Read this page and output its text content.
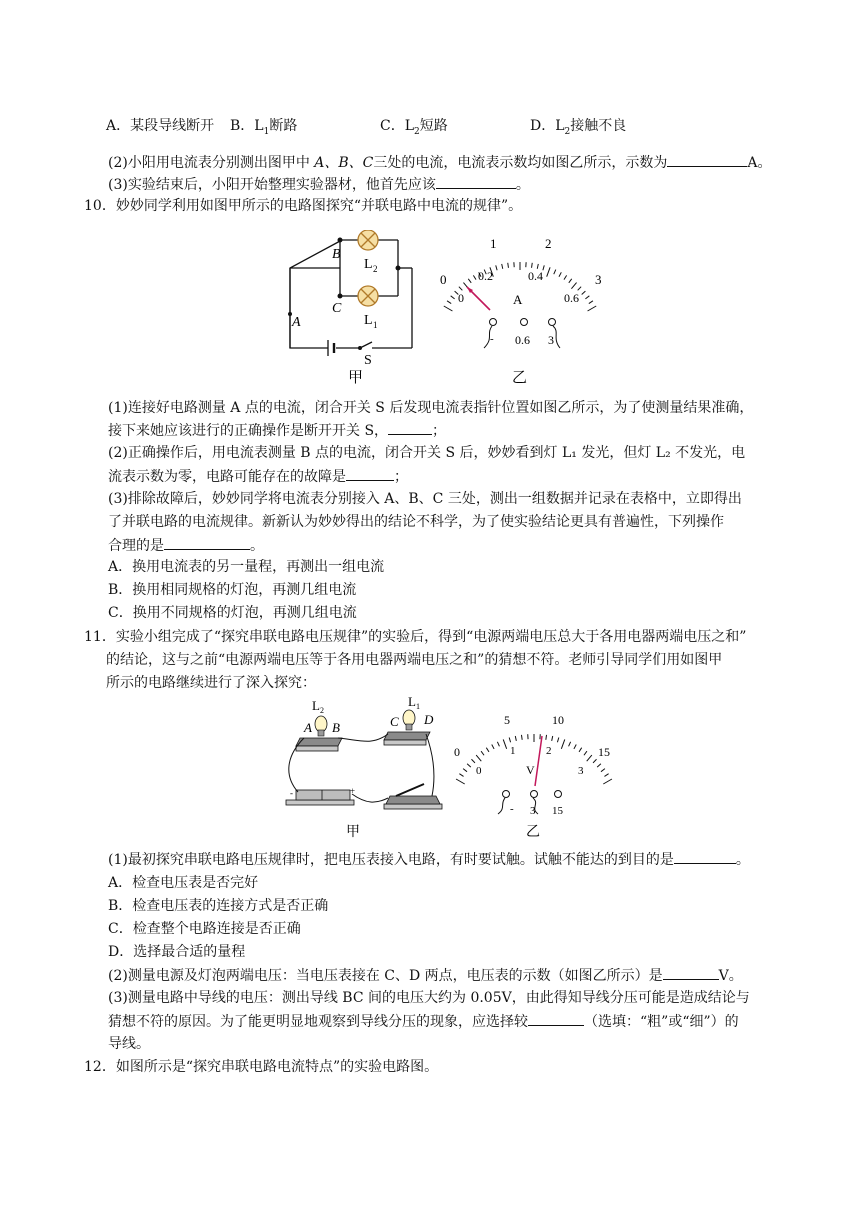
A．某段导线断开 B．$L_1$断路	C．$L_2$短路	D．$L_2$接触不良
(2)小阳用电流表分别测出图甲中 A、B、C三处的电流，电流表示数均如图乙所示，示数为	A。
(3)实验结束后，小阳开始整理实验器材，他首先应该	。
10．妙妙同学利用如图甲所示的电路图探究“并联电路中电流的规律”。
B
C
A
L 2
L 1
S
甲
0
1	2
3
0
0.2	0.4
0.6
A
- 0.6 3
乙
(1)连接好电路测量 A 点的电流，闭合开关 S 后发现电流表指针位置如图乙所示，为了使测量结果准确，
接下来她应该进行的正确操作是断开开关 S，	；
(2)正确操作后，用电流表测量 B 点的电流，闭合开关 S 后，妙妙看到灯 L₁ 发光，但灯 L₂ 不发光，电
流表示数为零，电路可能存在的故障是	；
(3)排除故障后，妙妙同学将电流表分别接入 A、B、C 三处，测出一组数据并记录在表格中，立即得出
了并联电路的电流规律。新新认为妙妙得出的结论不科学，为了使实验结论更具有普遍性，下列操作
合理的是	。
A．换用电流表的另一量程，再测出一组电流
B．换用相同规格的灯泡，再测几组电流
C．换用不同规格的灯泡，再测几组电流
11．实验小组完成了“探究串联电路电压规律”的实验后，得到“电源两端电压总大于各用电器两端电压之和”
的结论，这与之前“电源两端电压等于各用电器两端电压之和”的猜想不符。老师引导同学们用如图甲
所示的电路继续进行了深入探究：
-	+
L 2
L 1
A B	C D
甲
0
5	10
15
0
1	2
3
V
- 3 15
乙
(1)最初探究串联电路电压规律时，把电压表接入电路，有时要试触。试触不能达的到目的是	。
A．检查电压表是否完好
B．检查电压表的连接方式是否正确
C．检查整个电路连接是否正确
D．选择最合适的量程
(2)测量电源及灯泡两端电压：当电压表接在 C、D 两点，电压表的示数（如图乙所示）是	V。
(3)测量电路中导线的电压：测出导线 BC 间的电压大约为 0.05V，由此得知导线分压可能是造成结论与
猜想不符的原因。为了能更明显地观察到导线分压的现象，应选择较	（选填：“粗”或“细”）的
导线。
12．如图所示是“探究串联电路电流特点”的实验电路图。
